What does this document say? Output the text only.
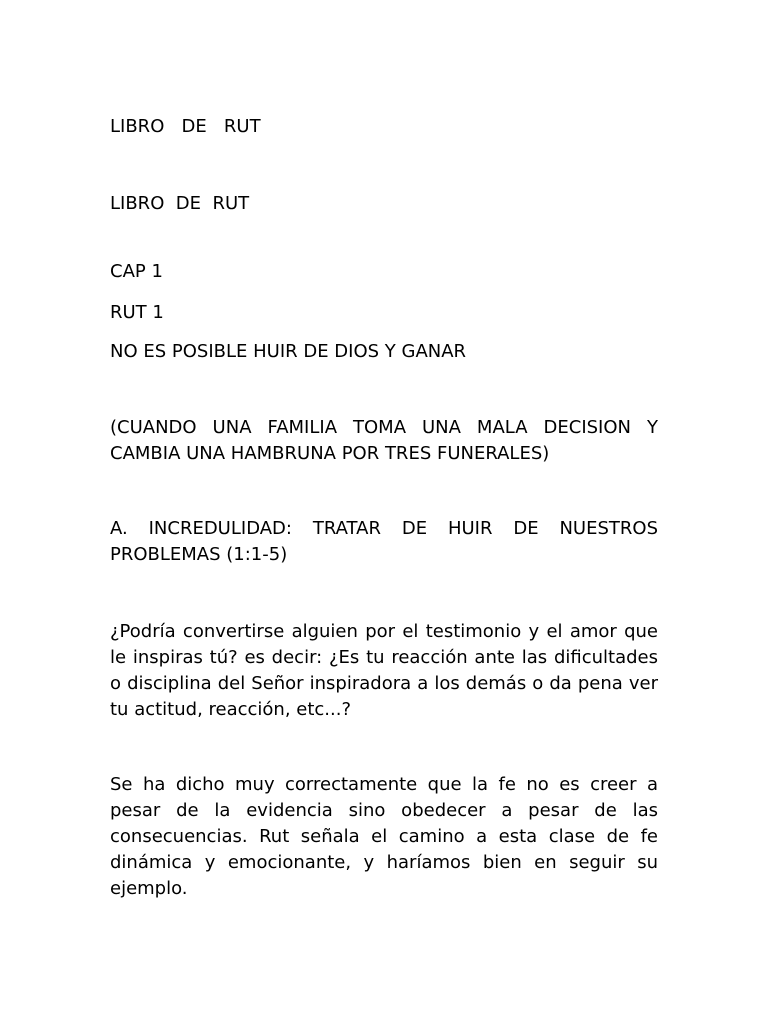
LIBRO   DE   RUT

LIBRO  DE  RUT

CAP 1

RUT 1

NO ES POSIBLE HUIR DE DIOS Y GANAR

(CUANDO UNA FAMILIA TOMA UNA MALA DECISION Y CAMBIA UNA HAMBRUNA POR TRES FUNERALES)

A. INCREDULIDAD: TRATAR DE HUIR DE NUESTROS PROBLEMAS (1:1-5)

¿Podría convertirse alguien por el testimonio y el amor que le inspiras tú? es decir: ¿Es tu reacción ante las dificultades o disciplina del Señor inspiradora a los demás o da pena ver tu actitud, reacción, etc...?

Se ha dicho muy correctamente que la fe no es creer a pesar de la evidencia sino obedecer a pesar de las consecuencias. Rut señala el camino a esta clase de fe dinámica y emocionante, y haríamos bien en seguir su ejemplo.
